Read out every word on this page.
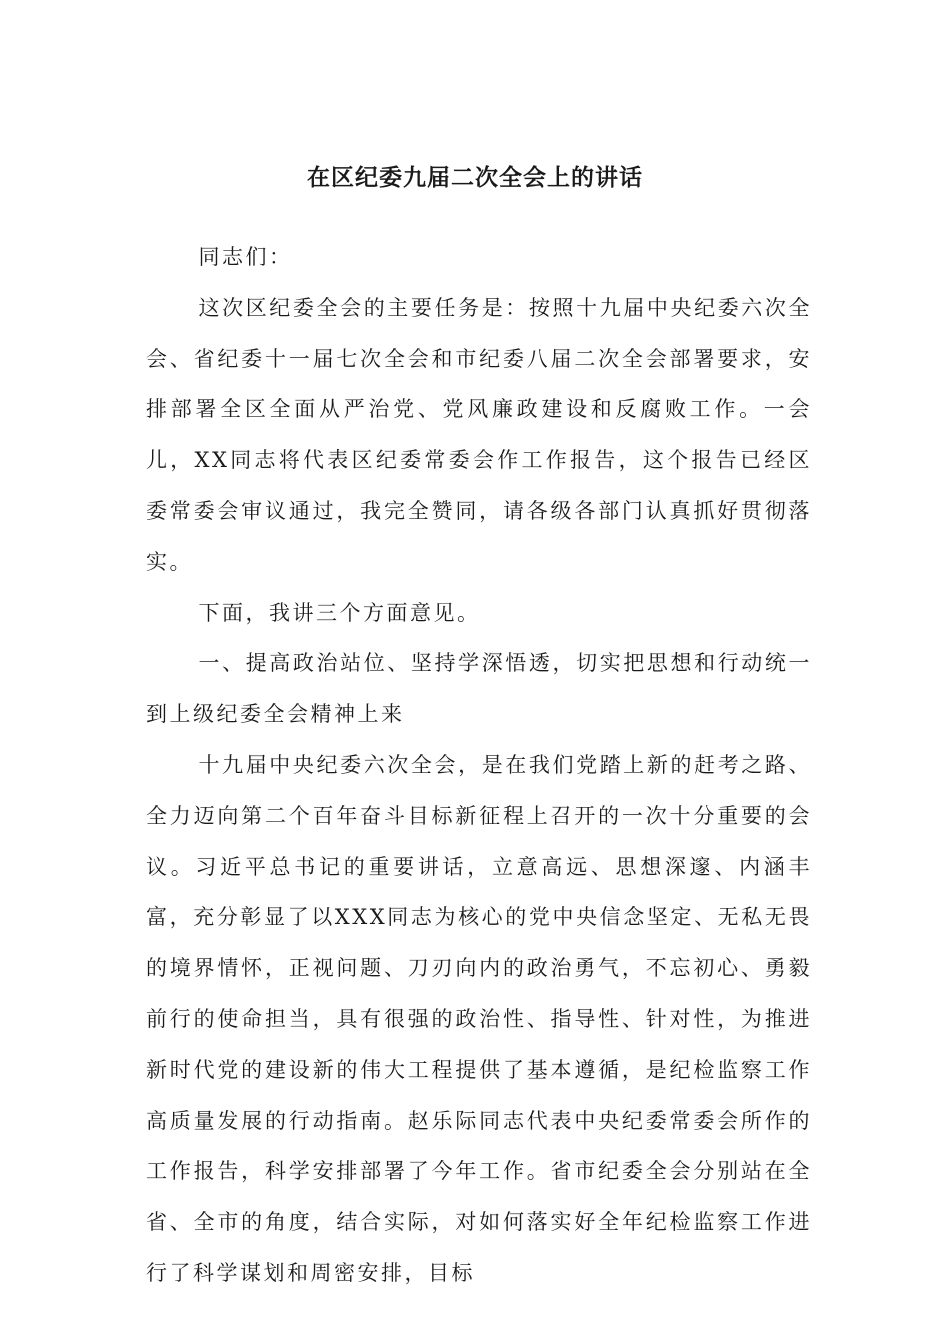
在区纪委九届二次全会上的讲话

同志们：

这次区纪委全会的主要任务是：按照十九届中央纪委六次全会、省纪委十一届七次全会和市纪委八届二次全会部署要求，安排部署全区全面从严治党、党风廉政建设和反腐败工作。一会儿，XX同志将代表区纪委常委会作工作报告，这个报告已经区委常委会审议通过，我完全赞同，请各级各部门认真抓好贯彻落实。

下面，我讲三个方面意见。

一、提高政治站位、坚持学深悟透，切实把思想和行动统一到上级纪委全会精神上来

十九届中央纪委六次全会，是在我们党踏上新的赶考之路、全力迈向第二个百年奋斗目标新征程上召开的一次十分重要的会议。习近平总书记的重要讲话，立意高远、思想深邃、内涵丰富，充分彰显了以XXX同志为核心的党中央信念坚定、无私无畏的境界情怀，正视问题、刀刃向内的政治勇气，不忘初心、勇毅前行的使命担当，具有很强的政治性、指导性、针对性，为推进新时代党的建设新的伟大工程提供了基本遵循，是纪检监察工作高质量发展的行动指南。赵乐际同志代表中央纪委常委会所作的工作报告，科学安排部署了今年工作。省市纪委全会分别站在全省、全市的角度，结合实际，对如何落实好全年纪检监察工作进行了科学谋划和周密安排，目标
